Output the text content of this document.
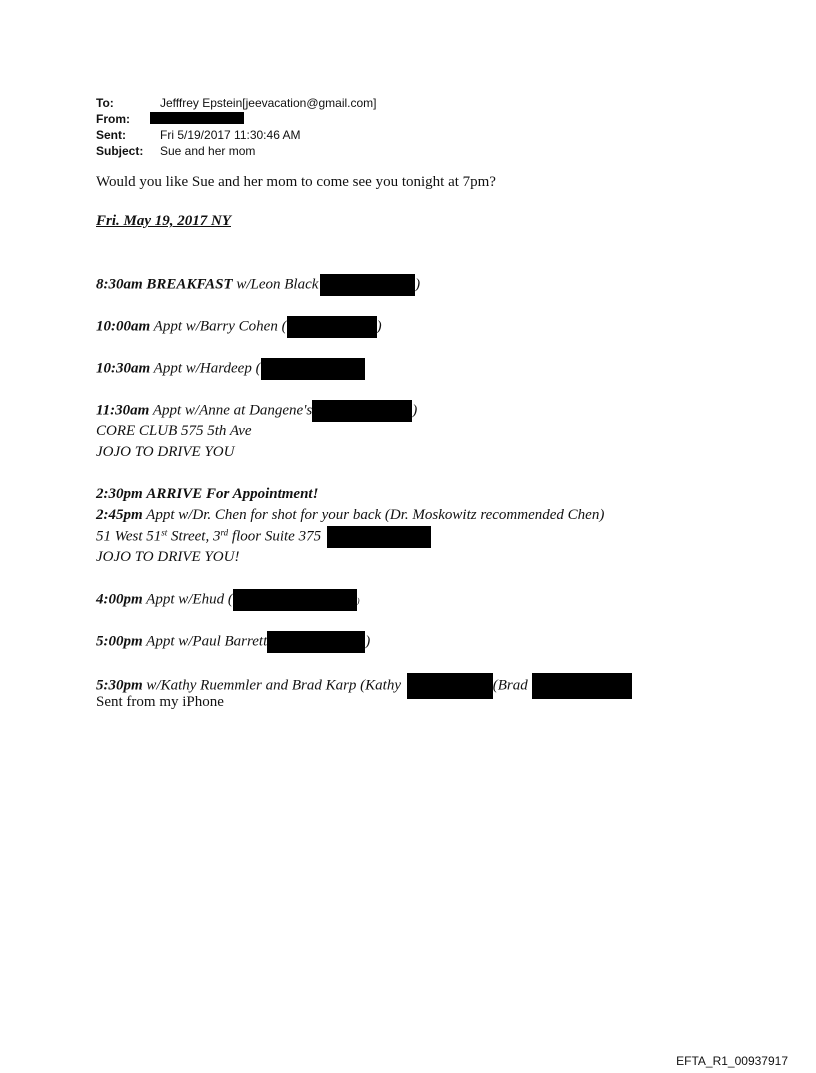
To:	Jefffrey Epstein[jeevacation@gmail.com]
From:
Sent:	Fri 5/19/2017 11:30:46 AM
Subject:	Sue and her mom
Would you like Sue and her mom to come see you tonight at 7pm?
Fri. May 19, 2017 NY
8:30am BREAKFAST w/Leon Black	)
10:00am Appt w/Barry Cohen (	)
10:30am Appt w/Hardeep (
11:30am Appt w/Anne at Dangene's	)
CORE CLUB 575 5th Ave
JOJO TO DRIVE YOU
2:30pm ARRIVE For Appointment!
2:45pm Appt w/Dr. Chen for shot for your back (Dr. Moskowitz recommended Chen)
51 West 51st Street, 3rd floor Suite 375
JOJO TO DRIVE YOU!
4:00pm Appt w/Ehud (	)
5:00pm Appt w/Paul Barrett	)
5:30pm w/Kathy Ruemmler and Brad Karp (Kathy	(Brad
Sent from my iPhone
EFTA_R1_00937917
